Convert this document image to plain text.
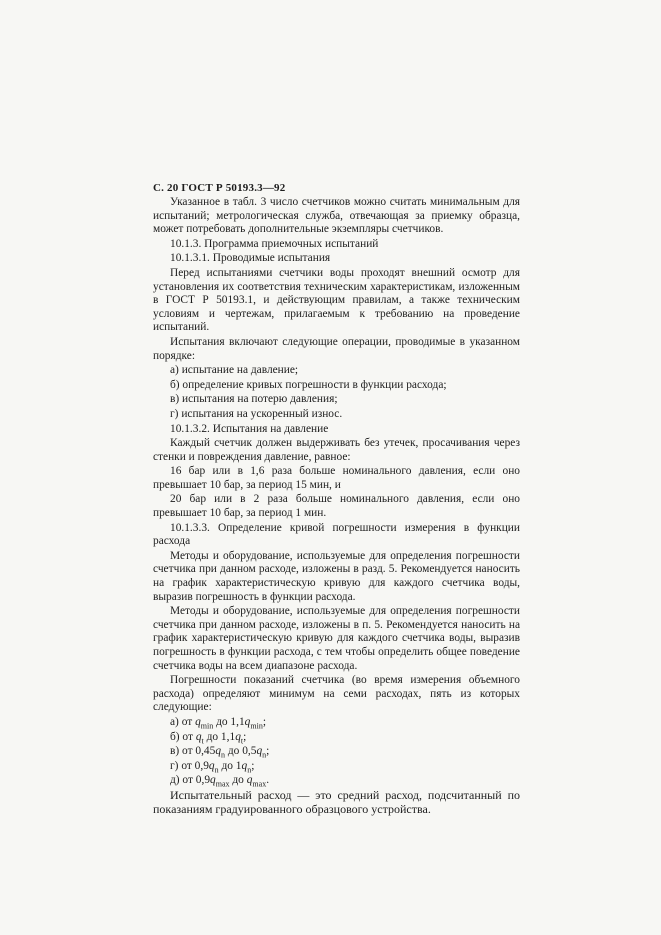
С. 20 ГОСТ Р 50193.3—92

Указанное в табл. 3 число счетчиков можно считать минимальным для испытаний; метрологическая служба, отвечающая за приемку образца, может потребовать дополнительные экземпляры счетчиков.

10.1.3. Программа приемочных испытаний

10.1.3.1. Проводимые испытания

Перед испытаниями счетчики воды проходят внешний осмотр для установления их соответствия техническим характеристикам, изложенным в ГОСТ Р 50193.1, и действующим правилам, а также техническим условиям и чертежам, прилагаемым к требованию на проведение испытаний.

Испытания включают следующие операции, проводимые в указанном порядке:

а) испытание на давление;

б) определение кривых погрешности в функции расхода;

в) испытания на потерю давления;

г) испытания на ускоренный износ.

10.1.3.2. Испытания на давление

Каждый счетчик должен выдерживать без утечек, просачивания через стенки и повреждения давление, равное:

16 бар или в 1,6 раза больше номинального давления, если оно превышает 10 бар, за период 15 мин, и

20 бар или в 2 раза больше номинального давления, если оно превышает 10 бар, за период 1 мин.

10.1.3.3. Определение кривой погрешности измерения в функции расхода

Методы и оборудование, используемые для определения погрешности счетчика при данном расходе, изложены в разд. 5. Рекомендуется наносить на график характеристическую кривую для каждого счетчика воды, выразив погрешность в функции расхода.

Методы и оборудование, используемые для определения погрешности счетчика при данном расходе, изложены в п. 5. Рекомендуется наносить на график характеристическую кривую для каждого счетчика воды, выразив погрешность в функции расхода, с тем чтобы определить общее поведение счетчика воды на всем диапазоне расхода.

Погрешности показаний счетчика (во время измерения объемного расхода) определяют минимум на семи расходах, пять из которых следующие:

а) от $q_{min}$ до $1,1q_{min}$;

б) от $q_t$ до $1,1q_t$;

в) от $0,45q_n$ до $0,5q_n$;

г) от $0,9q_n$ до $1q_n$;

д) от $0,9q_{max}$ до $q_{max}$.

Испытательный расход — это средний расход, подсчитанный по показаниям градуированного образцового устройства.
